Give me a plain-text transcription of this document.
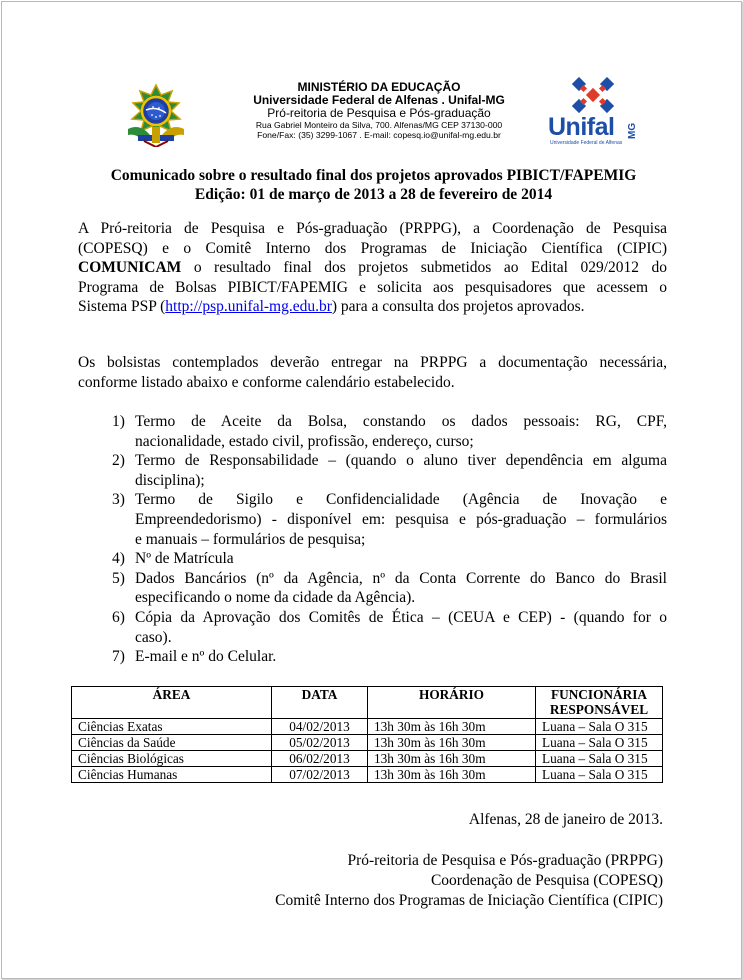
MINISTÉRIO DA EDUCAÇÃO
Universidade Federal de Alfenas . Unifal-MG
Pró-reitoria de Pesquisa e Pós-graduação
Rua Gabriel Monteiro da Silva, 700. Alfenas/MG CEP 37130-000
Fone/Fax: (35) 3299-1067 . E-mail: copesq.io@unifal-mg.edu.br	Unifal MG
Universidade Federal de Alfenas
Comunicado sobre o resultado final dos projetos aprovados PIBICT/FAPEMIG
Edição: 01 de março de 2013 a 28 de fevereiro de 2014
A Pró-reitoria de Pesquisa e Pós-graduação (PRPPG), a Coordenação de Pesquisa
(COPESQ) e o Comitê Interno dos Programas de Iniciação Científica (CIPIC)
COMUNICAM o resultado final dos projetos submetidos ao Edital 029/2012 do
Programa de Bolsas PIBICT/FAPEMIG e solicita aos pesquisadores que acessem o
Sistema PSP (http://psp.unifal-mg.edu.br) para a consulta dos projetos aprovados.
Os bolsistas contemplados deverão entregar na PRPPG a documentação necessária,
conforme listado abaixo e conforme calendário estabelecido.
1) Termo de Aceite da Bolsa, constando os dados pessoais: RG, CPF,
nacionalidade, estado civil, profissão, endereço, curso;
2) Termo de Responsabilidade – (quando o aluno tiver dependência em alguma
disciplina);
3) Termo de Sigilo e Confidencialidade (Agência de Inovação e
Empreendedorismo) - disponível em: pesquisa e pós-graduação – formulários
e manuais – formulários de pesquisa;
4) Nº de Matrícula
5) Dados Bancários (nº da Agência, nº da Conta Corrente do Banco do Brasil
especificando o nome da cidade da Agência).
6) Cópia da Aprovação dos Comitês de Ética – (CEUA e CEP) - (quando for o
caso).
7) E-mail e nº do Celular.
ÁREA	DATA	HORÁRIO	FUNCIONÁRIA
RESPONSÁVEL
Ciências Exatas	04/02/2013	13h 30m às 16h 30m	Luana – Sala O 315
Ciências da Saúde	05/02/2013	13h 30m às 16h 30m	Luana – Sala O 315
Ciências Biológicas	06/02/2013	13h 30m às 16h 30m	Luana – Sala O 315
Ciências Humanas	07/02/2013	13h 30m às 16h 30m	Luana – Sala O 315
Alfenas, 28 de janeiro de 2013.
Pró-reitoria de Pesquisa e Pós-graduação (PRPPG)
Coordenação de Pesquisa (COPESQ)
Comitê Interno dos Programas de Iniciação Científica (CIPIC)
